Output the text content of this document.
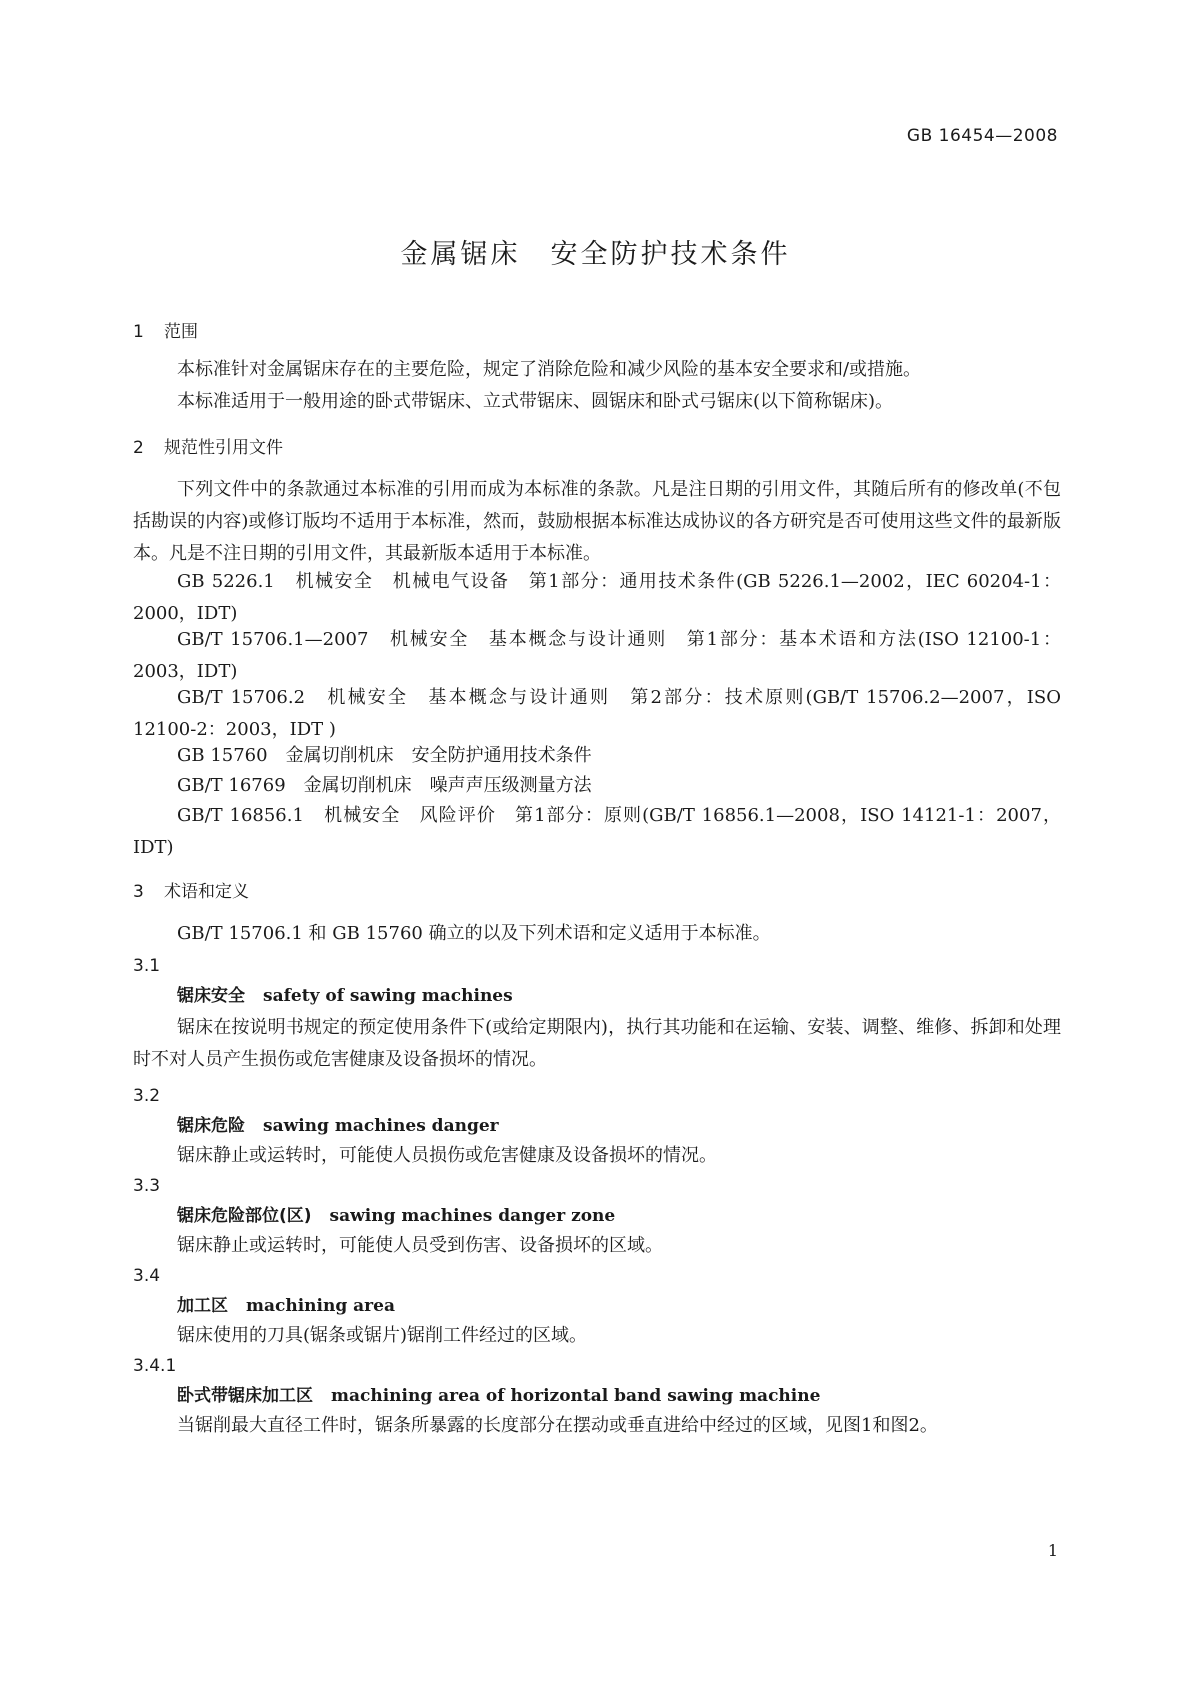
GB 16454—2008
金属锯床　安全防护技术条件
1 范围
本标准针对金属锯床存在的主要危险，规定了消除危险和减少风险的基本安全要求和/或措施。
本标准适用于一般用途的卧式带锯床、立式带锯床、圆锯床和卧式弓锯床(以下简称锯床)。
2 规范性引用文件
下列文件中的条款通过本标准的引用而成为本标准的条款。凡是注日期的引用文件，其随后所有的修改单(不包括勘误的内容)或修订版均不适用于本标准，然而，鼓励根据本标准达成协议的各方研究是否可使用这些文件的最新版本。凡是不注日期的引用文件，其最新版本适用于本标准。
GB 5226.1　机械安全　机械电气设备　第1部分：通用技术条件(GB 5226.1—2002，IEC 60204-1：2000，IDT)
GB/T 15706.1—2007　机械安全　基本概念与设计通则　第1部分：基本术语和方法(ISO 12100-1：2003，IDT)
GB/T 15706.2　机械安全　基本概念与设计通则　第2部分：技术原则(GB/T 15706.2—2007，ISO 12100-2：2003，IDT )
GB 15760　金属切削机床　安全防护通用技术条件
GB/T 16769　金属切削机床　噪声声压级测量方法
GB/T 16856.1　机械安全　风险评价　第1部分：原则(GB/T 16856.1—2008，ISO 14121-1：2007，IDT)
3 术语和定义
GB/T 15706.1 和 GB 15760 确立的以及下列术语和定义适用于本标准。
3.1
锯床安全 safety of sawing machines
锯床在按说明书规定的预定使用条件下(或给定期限内)，执行其功能和在运输、安装、调整、维修、拆卸和处理时不对人员产生损伤或危害健康及设备损坏的情况。
3.2
锯床危险 sawing machines danger
锯床静止或运转时，可能使人员损伤或危害健康及设备损坏的情况。
3.3
锯床危险部位(区) sawing machines danger zone
锯床静止或运转时，可能使人员受到伤害、设备损坏的区域。
3.4
加工区 machining area
锯床使用的刀具(锯条或锯片)锯削工件经过的区域。
3.4.1
卧式带锯床加工区 machining area of horizontal band sawing machine
当锯削最大直径工件时，锯条所暴露的长度部分在摆动或垂直进给中经过的区域，见图1和图2。
1
